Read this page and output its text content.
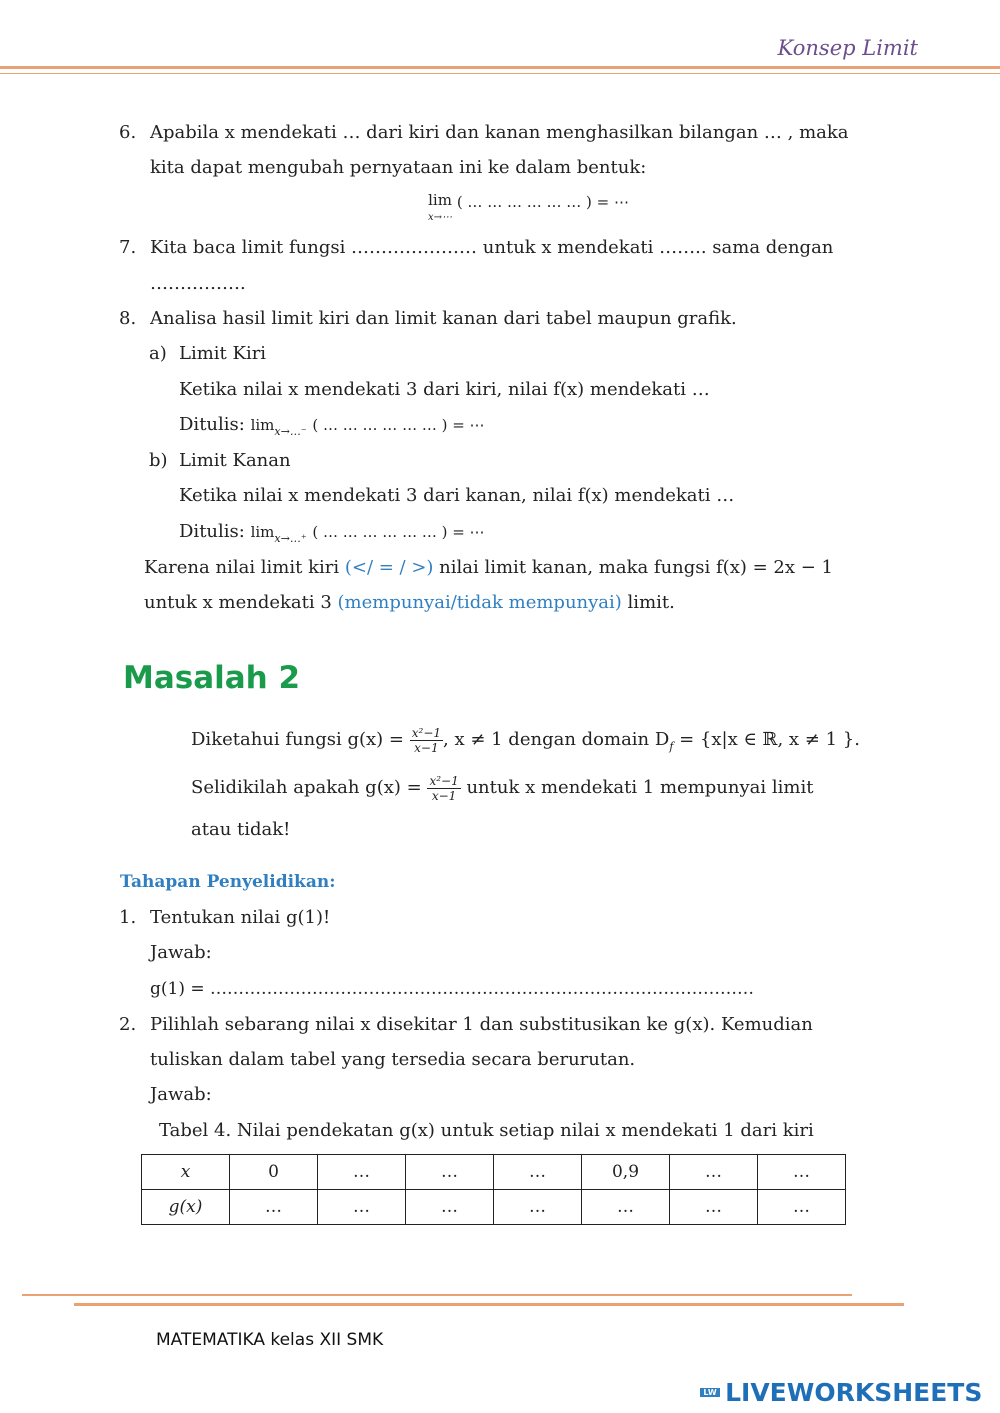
Konsep Limit
6. Apabila x mendekati … dari kiri dan kanan menghasilkan bilangan … , maka
kita dapat mengubah pernyataan ini ke dalam bentuk:
lim
x→⋯ ( … … … … … … ) = ⋯
7. Kita baca limit fungsi ………………… untuk x mendekati …….. sama dengan
…………….
8. Analisa hasil limit kiri dan limit kanan dari tabel maupun grafik.
a) Limit Kiri
Ketika nilai x mendekati 3 dari kiri, nilai f(x) mendekati …
Ditulis: $\lim_{x\to\dots^-}$ ( … … … … … … ) = ⋯
b) Limit Kanan
Ketika nilai x mendekati 3 dari kanan, nilai f(x) mendekati …
Ditulis: $\lim_{x\to\dots^+}$ ( … … … … … … ) = ⋯
Karena nilai limit kiri (</ = / >) nilai limit kanan, maka fungsi f(x) = 2x − 1
untuk x mendekati 3 (mempunyai/tidak mempunyai) limit.
Masalah 2
Diketahui fungsi $g(x) = \frac{\text{x²−1}}{x-1}$ , x ≠ 1 dengan domain $D_f = \{x|x$ ∈ ℝ, x ≠ 1 }.
Selidikilah apakah $g(x) = \frac{\text{x²−1}}{x-1}$ untuk x mendekati 1 mempunyai limit
atau tidak!
Tahapan Penyelidikan:
1. Tentukan nilai g(1)!
Jawab:
g(1) = ……………………………………………………………………………………
2. Pilihlah sebarang nilai x disekitar 1 dan substitusikan ke g(x). Kemudian
tuliskan dalam tabel yang tersedia secara berurutan.
Jawab:
Tabel 4. Nilai pendekatan g(x) untuk setiap nilai x mendekati 1 dari kiri
x	0	…	…	…	0,9	…	…
g(x)	…	…	…	…	…	…	…
MATEMATIKA kelas XII SMK
LW LIVEWORKSHEETS
